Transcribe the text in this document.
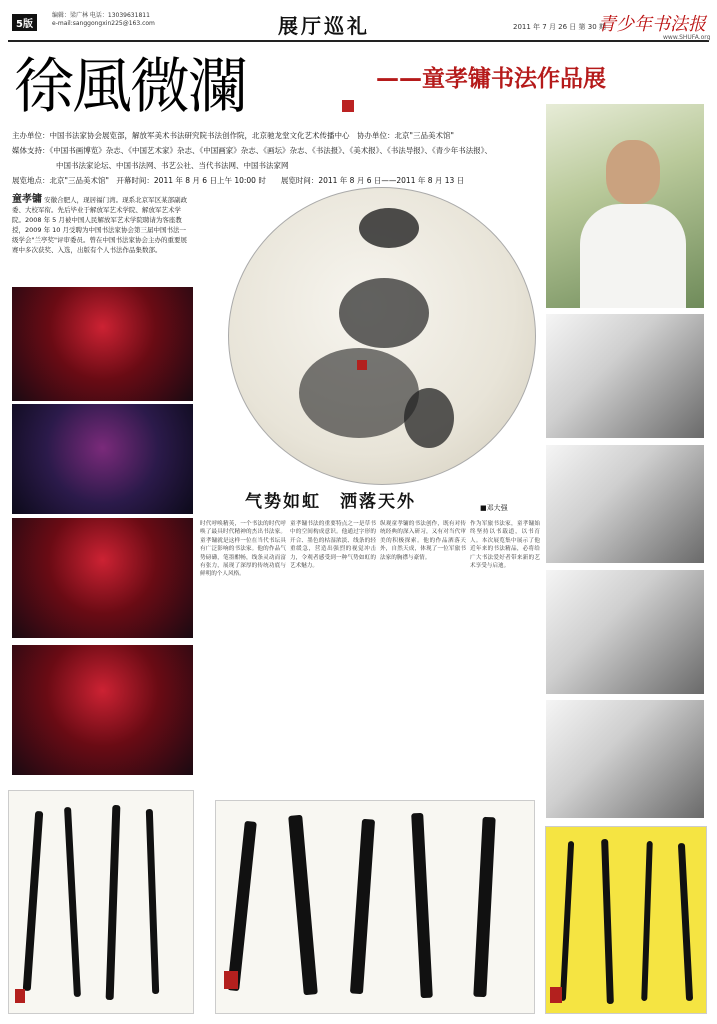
5版
编辑：梁广林 电话：13039631811
e-mail:sanggongxin225@163.com	展厅巡礼	2011 年 7 月 26 日 第 30 期
青少年书法报
www.SHUFA.org
徐風微瀾	——童孝镛书法作品展
主办单位：中国书法家协会展览部，解放军美术书法研究院书法创作院，北京驰龙堂文化艺术传播中心　协办单位：北京"三品美术馆"
媒体支持：《中国书画博览》杂志、《中国艺术家》杂志、《中国画家》杂志、《画坛》杂志、《书法报》、《美术报》、《书法导报》、《青少年书法报》、
中国书法家论坛、中国书法网、书艺公社、当代书法网、中国书法家网
展览地点：北京"三品美术馆"　开幕时间：2011 年 8 月 6 日上午 10:00 时　　展览时间：2011 年 8 月 6 日——2011 年 8 月 13 日
童孝镛 安徽合肥人，现居福门湾。现系北京军区某部副政委、大校军衔。先后毕业于解放军艺术学院、解放军艺术学院。2008 年 5 月被中国人民解放军艺术学院聘请为客座教授，2009 年 10 月受聘为中国书法家协会第三届中国书法一级学会"兰亭奖"评审委员。曾在中国书法家协会主办的重要展赛中多次获奖、入选，出版有个人书法作品集数部。
气势如虹　洒落天外	■邓大强
时代呼唤精英，一个书法的时代呼唤了最具时代精神的杰出书法家。童孝镛就是这样一位在当代书坛具有广泛影响的书法家。他的作品气势磅礴，笔墨酣畅，线条灵动而富有张力，展现了深厚的传统功底与鲜明的个人风格。
童孝镛书法的重要特点之一是草书中的空间构成意识。他通过字形的开合、墨色的枯湿浓淡、线条的轻重缓急，营造出强烈的视觉冲击力，令观者感受到一种气势如虹的艺术魅力。
纵观童孝镛的书法创作，既有对传统经典的深入研习，又有对当代审美的积极探索。他的作品洒落天外，自然天成，体现了一位军旅书法家的胸襟与豪情。
作为军旅书法家，童孝镛始终坚持以书载道，以书育人。本次展览集中展示了他近年来的书法精品，必将给广大书法爱好者带来新的艺术享受与启迪。
